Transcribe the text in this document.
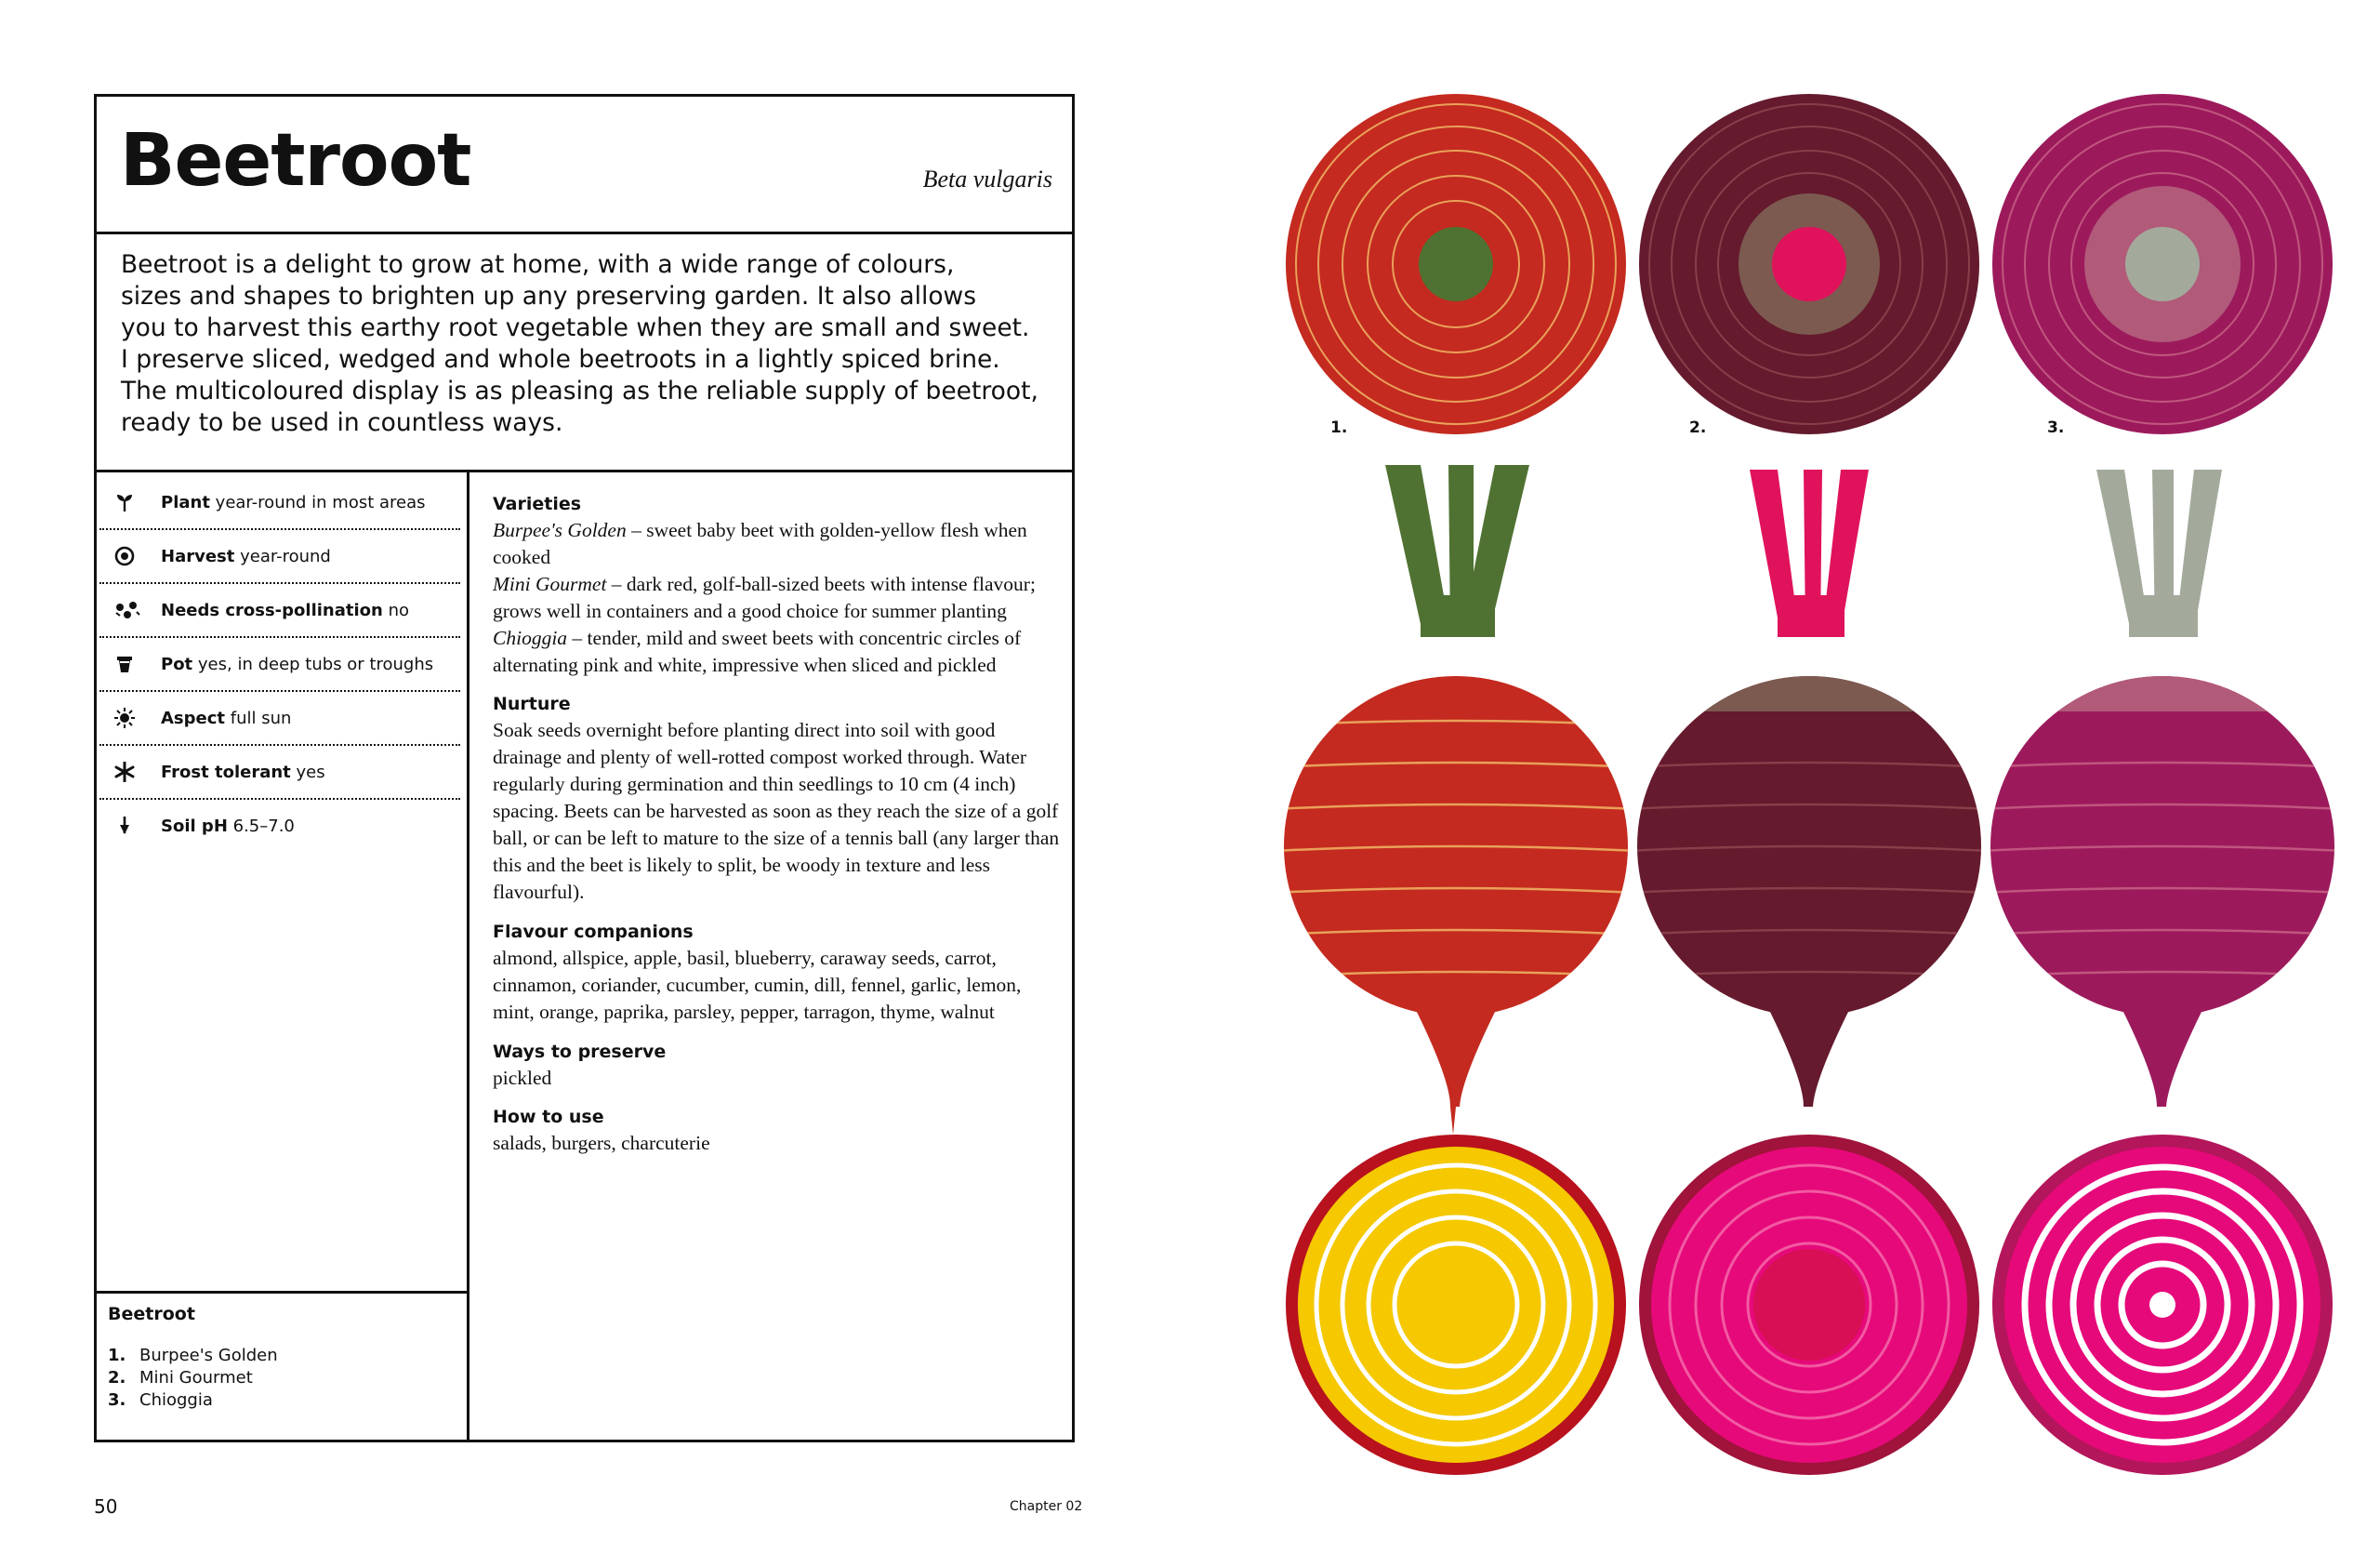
Beetroot	Beta vulgaris

Beetroot is a delight to grow at home, with a wide range of colours,

sizes and shapes to brighten up any preserving garden. It also allows

you to harvest this earthy root vegetable when they are small and sweet.

I preserve sliced, wedged and whole beetroots in a lightly spiced brine.

The multicoloured display is as pleasing as the reliable supply of beetroot,

ready to be used in countless ways.

Plant year-round in most areas
Harvest year-round
Needs cross-pollination no
Pot yes, in deep tubs or troughs
Aspect full sun
Frost tolerant yes
Soil pH 6.5–7.0
Varieties

Burpee's Golden – sweet baby beet with golden-yellow flesh when cooked
Mini Gourmet – dark red, golf-ball-sized beets with intense flavour; grows well in containers and a good choice for summer planting
Chioggia – tender, mild and sweet beets with concentric circles of alternating pink and white, impressive when sliced and pickled

Nurture

Soak seeds overnight before planting direct into soil with good drainage and plenty of well-rotted compost worked through. Water regularly during germination and thin seedlings to 10 cm (4 inch) spacing. Beets can be harvested as soon as they reach the size of a golf ball, or can be left to mature to the size of a tennis ball (any larger than this and the beet is likely to split, be woody in texture and less flavourful).

Flavour companions

almond, allspice, apple, basil, blueberry, caraway seeds, carrot, cinnamon, coriander, cucumber, cumin, dill, fennel, garlic, lemon, mint, orange, paprika, parsley, pepper, tarragon, thyme, walnut

Ways to preserve

pickled

How to use

salads, burgers, charcuterie

Beetroot
1. Burpee's Golden
2. Mini Gourmet
3. Chioggia
50	Chapter 02
1.	2.	3.
